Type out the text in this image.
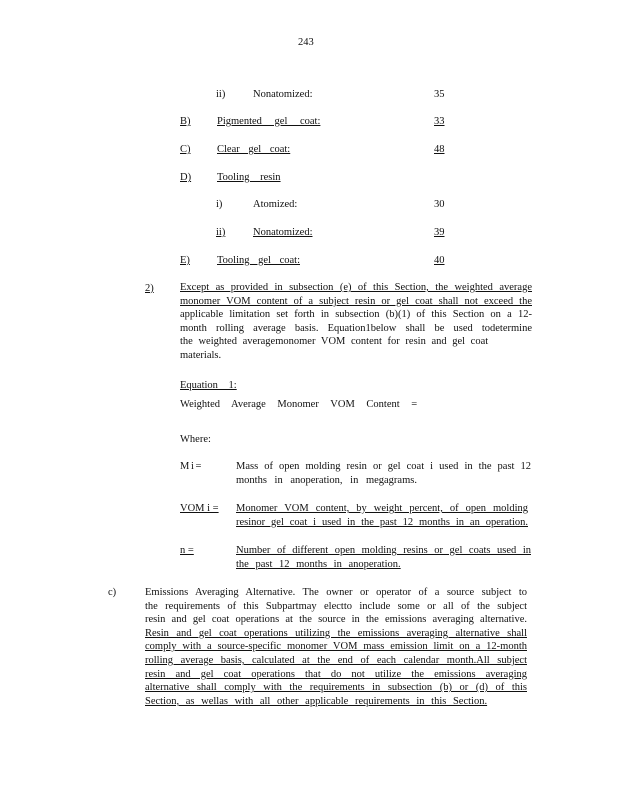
243
ii)	Nonatomized:	35
B)	Pigmented gel coat:	33
C)	Clear gel coat:	48
D) Tooling resin
i)	Atomized:	30
ii)	Nonatomized:	39
E)	Tooling gel coat:	40
2)	Except as provided in subsection (e) of this Section, the weighted average
monomer VOM content of a subject resin or gel coat shall not exceed the
applicable limitation set forth in subsection (b)(1) of this Section on a 12-
month rolling average basis. Equation1below shall be used todetermine
the weighted averagemonomer VOM content for resin and gel coat
materials.
Equation 1:
Weighted Average Monomer VOM Content =
Where:
M i =	Mass of open molding resin or gel coat i used in the past 12
months in anoperation, in megagrams.
VOM i = Monomer VOM content, by weight percent, of open molding
resinor gel coat i used in the past 12 months in an operation.
n =	Number of different open molding resins or gel coats used in
the past 12 months in anoperation.
c)	Emissions Averaging Alternative. The owner or operator of a source subject to
the requirements of this Subpartmay electto include some or all of the subject
resin and gel coat operations at the source in the emissions averaging alternative.
Resin and gel coat operations utilizing the emissions averaging alternative shall
comply with a source-specific monomer VOM mass emission limit on a 12-month
rolling average basis, calculated at the end of each calendar month.All subject
resin and gel coat operations that do not utilize the emissions averaging
alternative shall comply with the requirements in subsection (b) or (d) of this
Section, as wellas with all other applicable requirements in this Section.
